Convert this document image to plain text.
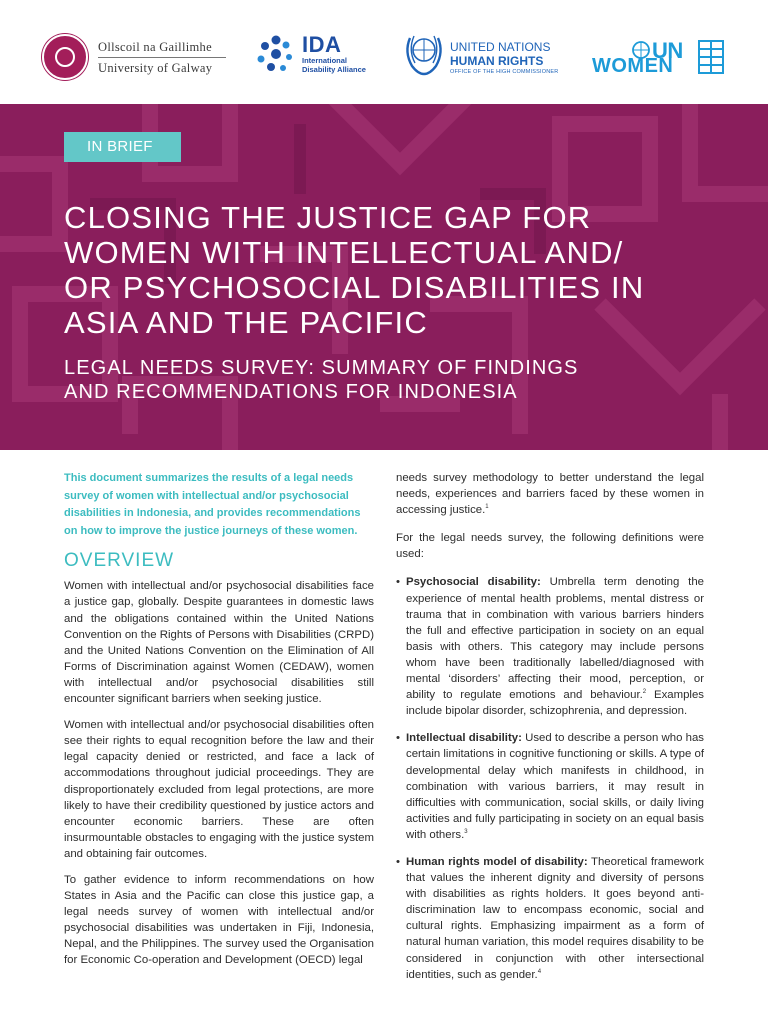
Ollscoil na Gaillimhe
University of Galway
IDA
International
Disability Alliance
UNITED NATIONS
HUMAN RIGHTS
OFFICE OF THE HIGH COMMISSIONER
UN
WOMEN
IN BRIEF
CLOSING THE JUSTICE GAP FOR
WOMEN WITH INTELLECTUAL AND/
OR PSYCHOSOCIAL DISABILITIES IN
ASIA AND THE PACIFIC
LEGAL NEEDS SURVEY: SUMMARY OF FINDINGS
AND RECOMMENDATIONS FOR INDONESIA

This document summarizes the results of a legal needs survey of women with intellectual and/or psychosocial disabilities in Indonesia, and provides recommendations on how to improve the justice journeys of these women.

OVERVIEW

Women with intellectual and/or psychosocial disabilities face a justice gap, globally. Despite guarantees in domestic laws and the obligations contained within the United Nations Convention on the Rights of Persons with Disabilities (CRPD) and the United Nations Convention on the Elimination of All Forms of Discrimination against Women (CEDAW), women with intellectual and/or psychosocial disabilities still encounter significant barriers when seeking justice.

Women with intellectual and/or psychosocial disabilities often see their rights to equal recognition before the law and their legal capacity denied or restricted, and face a lack of accommodations throughout judicial proceedings. They are disproportionately excluded from legal protections, are more likely to have their credibility questioned by justice actors and encounter economic barriers. These are often insurmountable obstacles to engaging with the justice system and obtaining fair outcomes.

To gather evidence to inform recommendations on how States in Asia and the Pacific can close this justice gap, a legal needs survey of women with intellectual and/or psychosocial disabilities was undertaken in Fiji, Indonesia, Nepal, and the Philippines. The survey used the Organisation for Economic Co-operation and Development (OECD) legal

needs survey methodology to better understand the legal needs, experiences and barriers faced by these women in accessing justice.$^1$

For the legal needs survey, the following definitions were used:

• Psychosocial disability: Umbrella term denoting the experience of mental health problems, mental distress or trauma that in combination with various barriers hinders the full and effective participation in society on an equal basis with others. This category may include persons whom have been traditionally labelled/diagnosed with mental ‘disorders’ affecting their mood, perception, or ability to regulate emotions and behaviour.$^2$ Examples include bipolar disorder, schizophrenia, and depression.
• Intellectual disability: Used to describe a person who has certain limitations in cognitive functioning or skills. A type of developmental delay which manifests in childhood, in combination with various barriers, it may result in difficulties with communication, social skills, or daily living activities and fully participating in society on an equal basis with others.$^3$
• Human rights model of disability: Theoretical framework that values the inherent dignity and diversity of persons with disabilities as rights holders. It goes beyond anti-discrimination law to encompass economic, social and cultural rights. Emphasizing impairment as a form of natural human variation, this model requires disability to be considered in conjunction with other intersectional identities, such as gender.$^4$
